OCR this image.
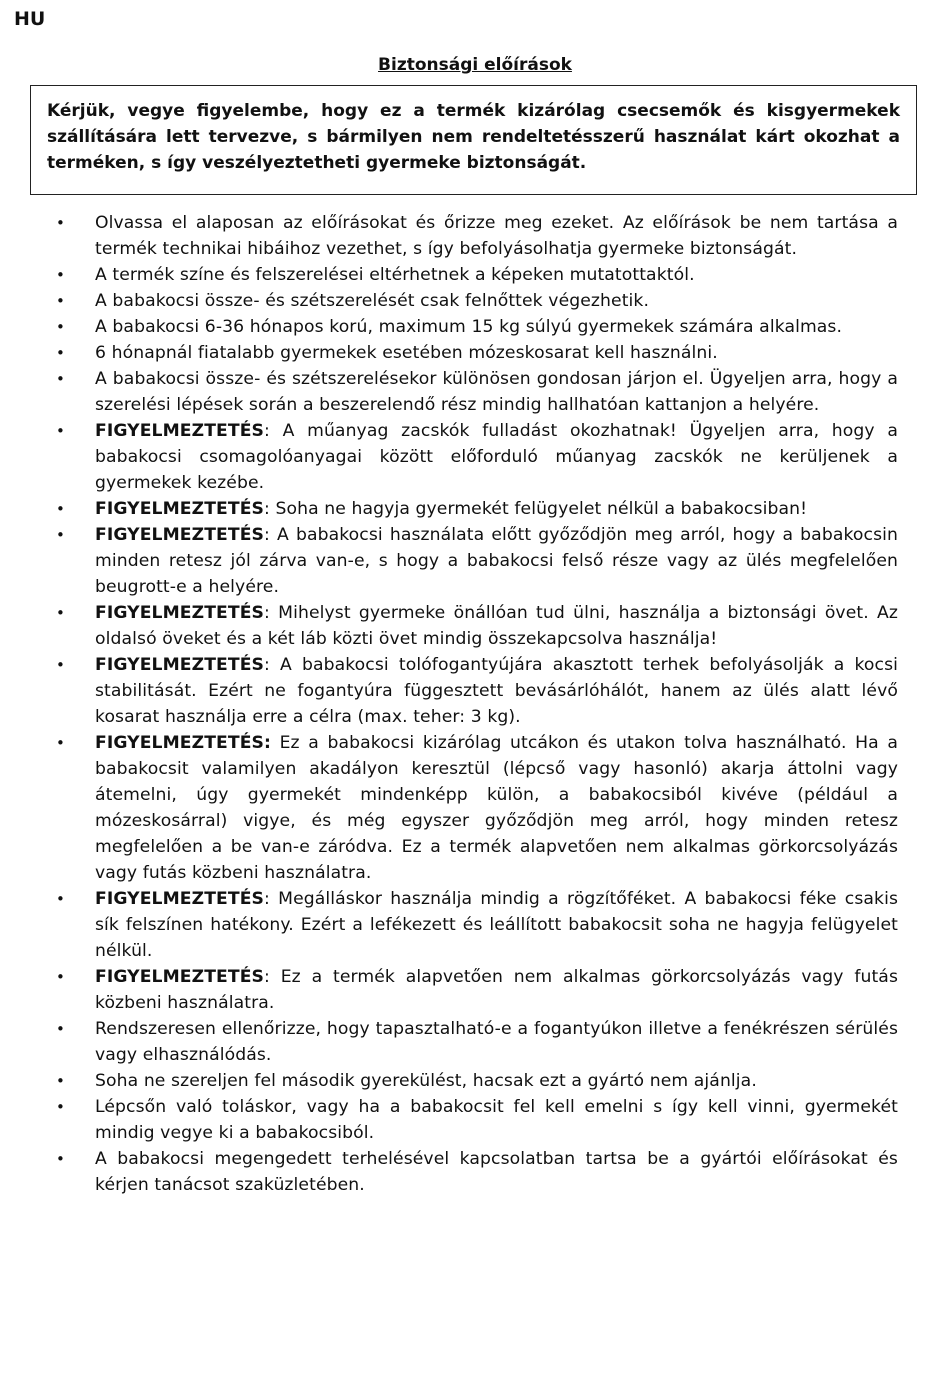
HU
Biztonsági előírások
Kérjük, vegye figyelembe, hogy ez a termék kizárólag csecsemők és kisgyermekek szállítására lett tervezve, s bármilyen nem rendeltetésszerű használat kárt okozhat a terméken, s így veszélyeztetheti gyermeke biztonságát.
• Olvassa el alaposan az előírásokat és őrizze meg ezeket. Az előírások be nem tartása a termék technikai hibáihoz vezethet, s így befolyásolhatja gyermeke biztonságát.
• A termék színe és felszerelései eltérhetnek a képeken mutatottaktól.
• A babakocsi össze- és szétszerelését csak felnőttek végezhetik.
• A babakocsi 6-36 hónapos korú, maximum 15 kg súlyú gyermekek számára alkalmas.
• 6 hónapnál fiatalabb gyermekek esetében mózeskosarat kell használni.
• A babakocsi össze- és szétszerelésekor különösen gondosan járjon el. Ügyeljen arra, hogy a szerelési lépések során a beszerelendő rész mindig hallhatóan kattanjon a helyére.
• FIGYELMEZTETÉS: A műanyag zacskók fulladást okozhatnak! Ügyeljen arra, hogy a babakocsi csomagolóanyagai között előforduló műanyag zacskók ne kerüljenek a gyermekek kezébe.
• FIGYELMEZTETÉS: Soha ne hagyja gyermekét felügyelet nélkül a babakocsiban!
• FIGYELMEZTETÉS: A babakocsi használata előtt győződjön meg arról, hogy a babakocsin minden retesz jól zárva van-e, s hogy a babakocsi felső része vagy az ülés megfelelően beugrott-e a helyére.
• FIGYELMEZTETÉS: Mihelyst gyermeke önállóan tud ülni, használja a biztonsági övet. Az oldalsó öveket és a két láb közti övet mindig összekapcsolva használja!
• FIGYELMEZTETÉS: A babakocsi tolófogantyújára akasztott terhek befolyásolják a kocsi stabilitását. Ezért ne fogantyúra függesztett bevásárlóhálót, hanem az ülés alatt lévő kosarat használja erre a célra (max. teher: 3 kg).
• FIGYELMEZTETÉS: Ez a babakocsi kizárólag utcákon és utakon tolva használható. Ha a babakocsit valamilyen akadályon keresztül (lépcső vagy hasonló) akarja áttolni vagy átemelni, úgy gyermekét mindenképp külön, a babakocsiból kivéve (például a mózeskosárral) vigye, és még egyszer győződjön meg arról, hogy minden retesz megfelelően a be van-e záródva. Ez a termék alapvetően nem alkalmas görkorcsolyázás vagy futás közbeni használatra.
• FIGYELMEZTETÉS: Megálláskor használja mindig a rögzítőféket. A babakocsi féke csakis sík felszínen hatékony. Ezért a lefékezett és leállított babakocsit soha ne hagyja felügyelet nélkül.
• FIGYELMEZTETÉS: Ez a termék alapvetően nem alkalmas görkorcsolyázás vagy futás közbeni használatra.
• Rendszeresen ellenőrizze, hogy tapasztalható-e a fogantyúkon illetve a fenékrészen sérülés vagy elhasználódás.
• Soha ne szereljen fel második gyerekülést, hacsak ezt a gyártó nem ajánlja.
• Lépcsőn való toláskor, vagy ha a babakocsit fel kell emelni s így kell vinni, gyermekét mindig vegye ki a babakocsiból.
• A babakocsi megengedett terhelésével kapcsolatban tartsa be a gyártói előírásokat és kérjen tanácsot szaküzletében.
